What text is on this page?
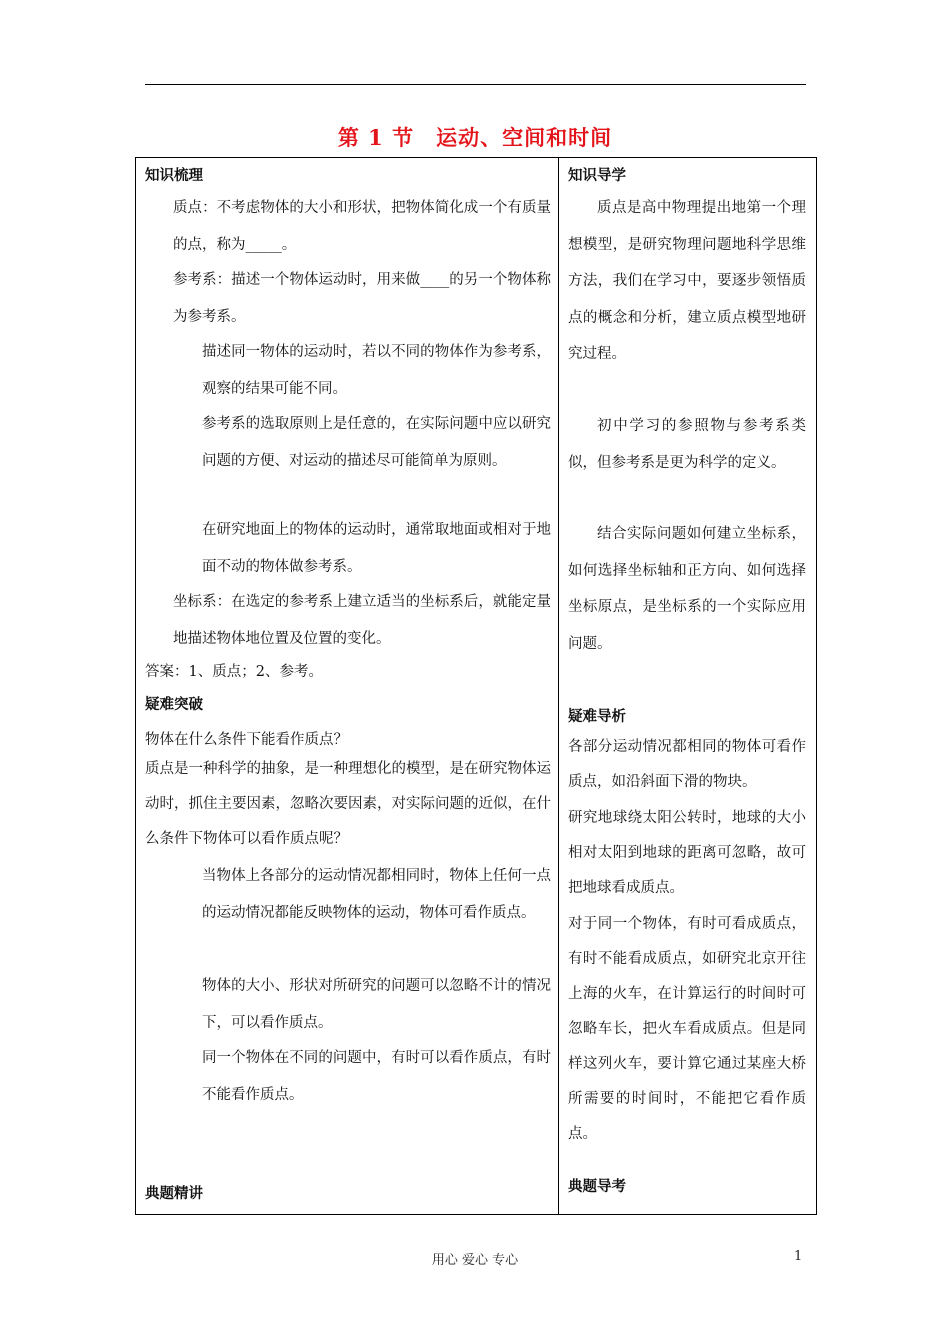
第 1 节　运动、空间和时间
知识梳理
质点：不考虑物体的大小和形状，把物体简化成一个有质量的点，称为_____。
参考系：描述一个物体运动时，用来做____的另一个物体称为参考系。
描述同一物体的运动时，若以不同的物体作为参考系，观察的结果可能不同。
参考系的选取原则上是任意的，在实际问题中应以研究问题的方便、对运动的描述尽可能简单为原则。
在研究地面上的物体的运动时，通常取地面或相对于地面不动的物体做参考系。
坐标系：在选定的参考系上建立适当的坐标系后，就能定量地描述物体地位置及位置的变化。
答案：1、质点；2、参考。
疑难突破
物体在什么条件下能看作质点？
质点是一种科学的抽象，是一种理想化的模型，是在研究物体运动时，抓住主要因素，忽略次要因素，对实际问题的近似，在什么条件下物体可以看作质点呢？
当物体上各部分的运动情况都相同时，物体上任何一点的运动情况都能反映物体的运动，物体可看作质点。
物体的大小、形状对所研究的问题可以忽略不计的情况下，可以看作质点。
同一个物体在不同的问题中，有时可以看作质点，有时不能看作质点。
典题精讲

知识导学
质点是高中物理提出地第一个理想模型，是研究物理问题地科学思维方法，我们在学习中，要逐步领悟质点的概念和分析，建立质点模型地研究过程。
初中学习的参照物与参考系类似，但参考系是更为科学的定义。
结合实际问题如何建立坐标系，如何选择坐标轴和正方向、如何选择坐标原点，是坐标系的一个实际应用问题。
疑难导析
各部分运动情况都相同的物体可看作质点，如沿斜面下滑的物块。
研究地球绕太阳公转时，地球的大小相对太阳到地球的距离可忽略，故可把地球看成质点。
对于同一个物体，有时可看成质点，有时不能看成质点，如研究北京开往上海的火车，在计算运行的时间时可忽略车长，把火车看成质点。但是同样这列火车，要计算它通过某座大桥所需要的时间时，不能把它看作质点。
典题导考
用心 爱心 专心	1
